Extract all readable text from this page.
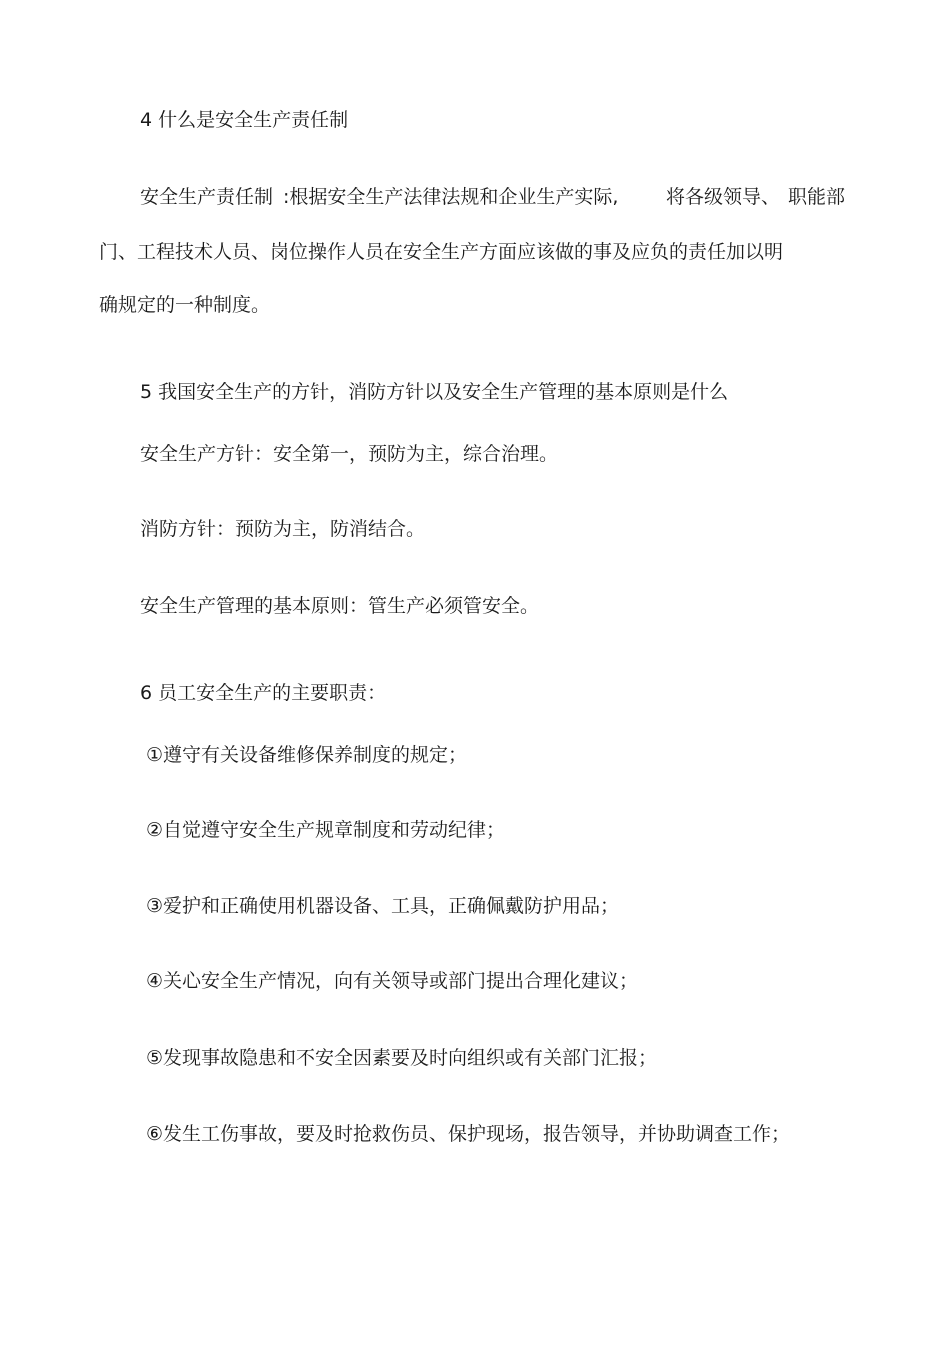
4 什么是安全生产责任制
安全生产责任制 :根据安全生产法律法规和企业生产实际,	将各级领导、 职能部
门、工程技术人员、岗位操作人员在安全生产方面应该做的事及应负的责任加以明
确规定的一种制度。
5 我国安全生产的方针，消防方针以及安全生产管理的基本原则是什么
安全生产方针：安全第一，预防为主，综合治理。
消防方针：预防为主，防消结合。
安全生产管理的基本原则：管生产必须管安全。
6 员工安全生产的主要职责：
①遵守有关设备维修保养制度的规定；
②自觉遵守安全生产规章制度和劳动纪律；
③爱护和正确使用机器设备、工具，正确佩戴防护用品；
④关心安全生产情况，向有关领导或部门提出合理化建议；
⑤发现事故隐患和不安全因素要及时向组织或有关部门汇报；
⑥发生工伤事故，要及时抢救伤员、保护现场，报告领导，并协助调查工作；
